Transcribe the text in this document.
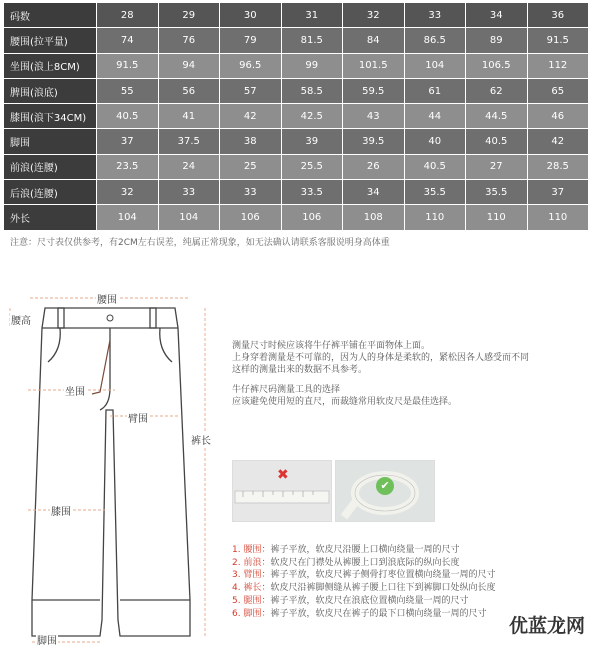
码数	28	29	30	31	32	33	34	36
腰围(拉平量)	74	76	79	81.5	84	86.5	89	91.5
坐围(浪上8CM)	91.5	94	96.5	99	101.5	104	106.5	112
脾围(浪底)	55	56	57	58.5	59.5	61	62	65
膝围(浪下34CM)	40.5	41	42	42.5	43	44	44.5	46
脚围	37	37.5	38	39	39.5	40	40.5	42
前浪(连腰)	23.5	24	25	25.5	26	40.5	27	28.5
后浪(连腰)	32	33	33	33.5	34	35.5	35.5	37
外长	104	104	106	106	108	110	110	110
注意：尺寸表仅供参考，有2CM左右误差，纯属正常现象，如无法确认请联系客服说明身高体重
腰围
腰高
坐围
臂围
裤长
膝围
脚围

测量尺寸时候应该将牛仔裤平铺在平面物体上面。

上身穿着测量是不可靠的，因为人的身体是柔软的，紧松因各人感受而不同

这样的测量出来的数据不具参考。

牛仔裤尺码测量工具的选择

应该避免使用短的直尺，而裁缝常用软皮尺是最佳选择。

✖
✔
1. 腰围：裤子平放，软皮尺沿腰上口横向绕量一周的尺寸
2. 前浪：软皮尺在门襟处从裤腰上口到浪底际的纵向长度
3. 臂围：裤子平放，软皮尺裤子侧骨打枣位置横向绕量一周的尺寸
4. 裤长：软皮尺沿裤脚侧缝从裤子腰上口往下到裤脚口处纵向长度
5. 腿围：裤子平放，软皮尺在浪底位置横向绕量一周的尺寸
6. 脚围：裤子平放，软皮尺在裤子的最下口横向绕量一周的尺寸
优蓝龙网
